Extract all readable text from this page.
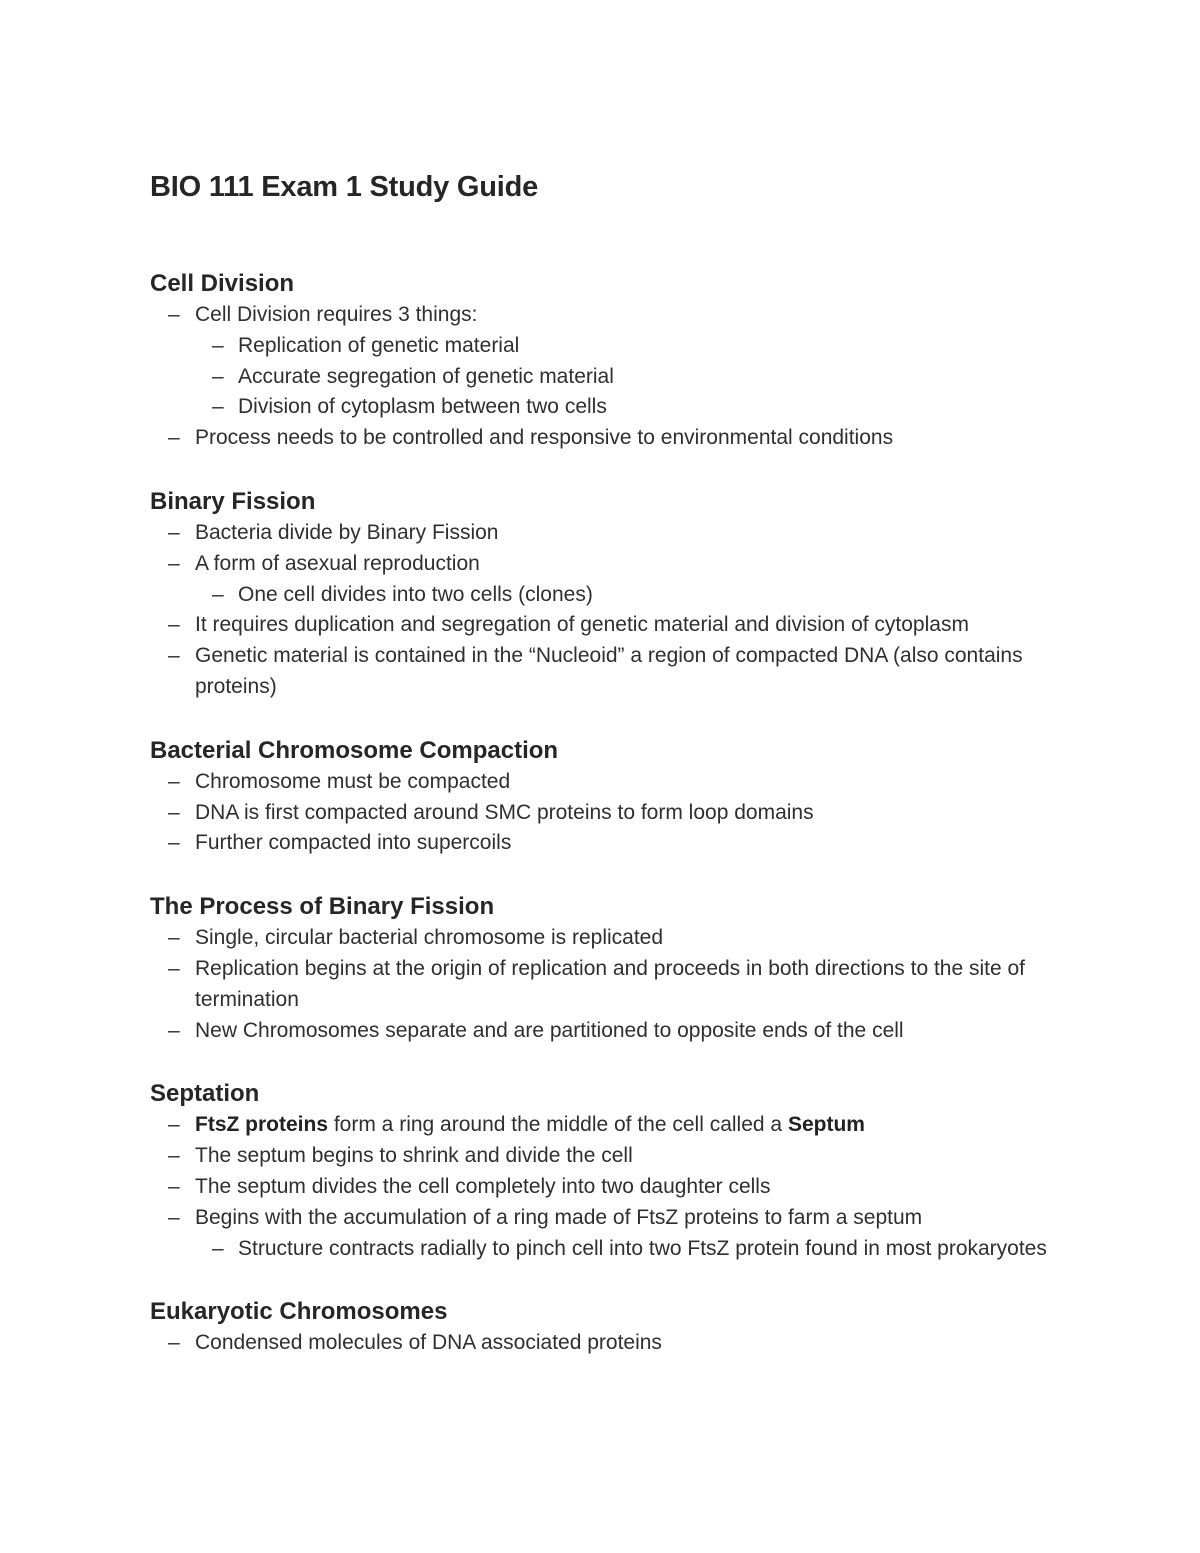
BIO 111 Exam 1 Study Guide
Cell Division
– Cell Division requires 3 things:
– Replication of genetic material
– Accurate segregation of genetic material
– Division of cytoplasm between two cells
– Process needs to be controlled and responsive to environmental conditions
Binary Fission
– Bacteria divide by Binary Fission
– A form of asexual reproduction
– One cell divides into two cells (clones)
– It requires duplication and segregation of genetic material and division of cytoplasm
– Genetic material is contained in the “Nucleoid” a region of compacted DNA (also contains proteins)
Bacterial Chromosome Compaction
– Chromosome must be compacted
– DNA is first compacted around SMC proteins to form loop domains
– Further compacted into supercoils
The Process of Binary Fission
– Single, circular bacterial chromosome is replicated
– Replication begins at the origin of replication and proceeds in both directions to the site of termination
– New Chromosomes separate and are partitioned to opposite ends of the cell
Septation
– FtsZ proteins form a ring around the middle of the cell called a Septum
– The septum begins to shrink and divide the cell
– The septum divides the cell completely into two daughter cells
– Begins with the accumulation of a ring made of FtsZ proteins to farm a septum
– Structure contracts radially to pinch cell into two FtsZ protein found in most prokaryotes
Eukaryotic Chromosomes
– Condensed molecules of DNA associated proteins
